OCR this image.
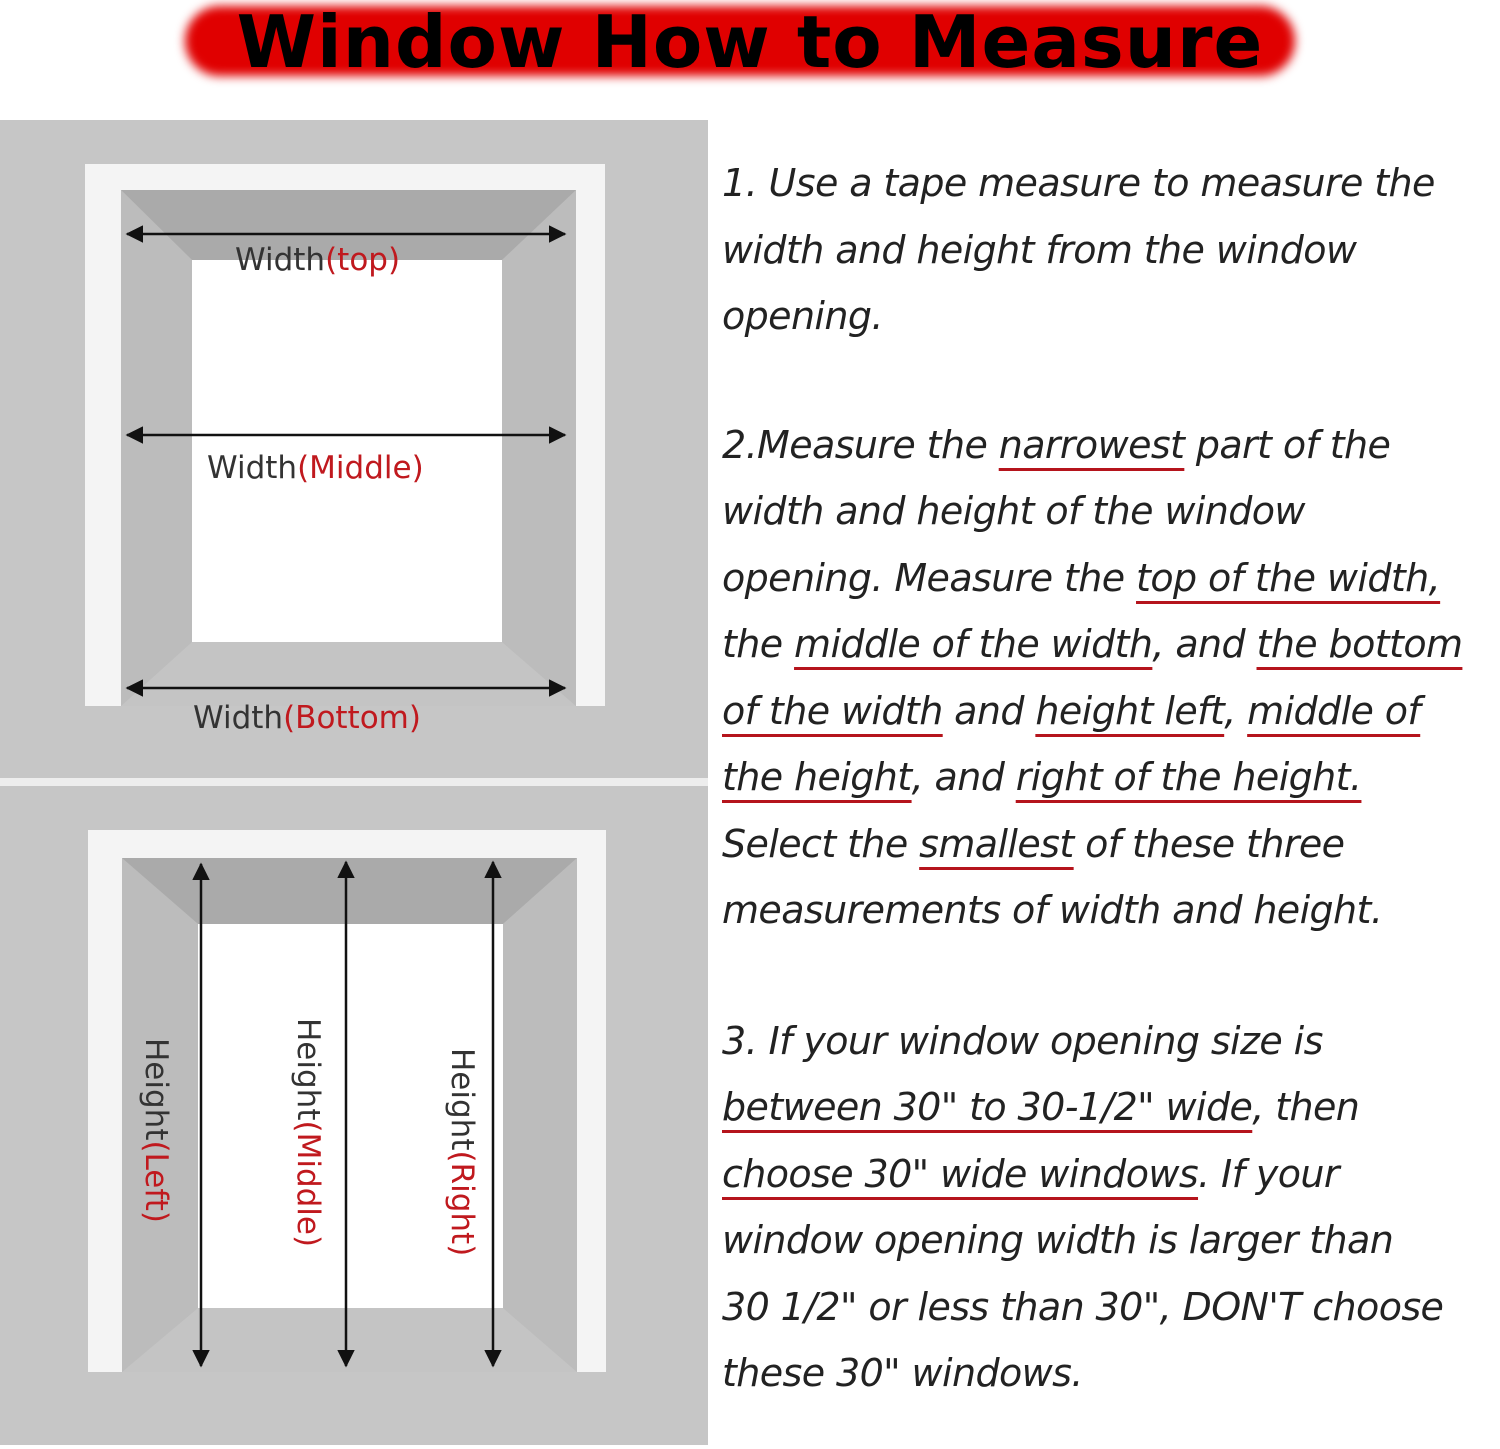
Window How to Measure
Width(top)
Width(Middle)
Width(Bottom)
Height(Left)
Height(Middle)
Height(Right)

1. Use a tape measure to measure the

width and height from the window

opening.

2.Measure the narrowest part of the

width and height of the window

opening. Measure the top of the width,

the middle of the width, and the bottom

of the width and height left, middle of

the height, and right of the height.

Select the smallest of these three

measurements of width and height.

3. If your window opening size is

between 30" to 30-1/2" wide, then

choose 30" wide windows. If your

window opening width is larger than

30 1/2" or less than 30", DON'T choose

these 30" windows.
